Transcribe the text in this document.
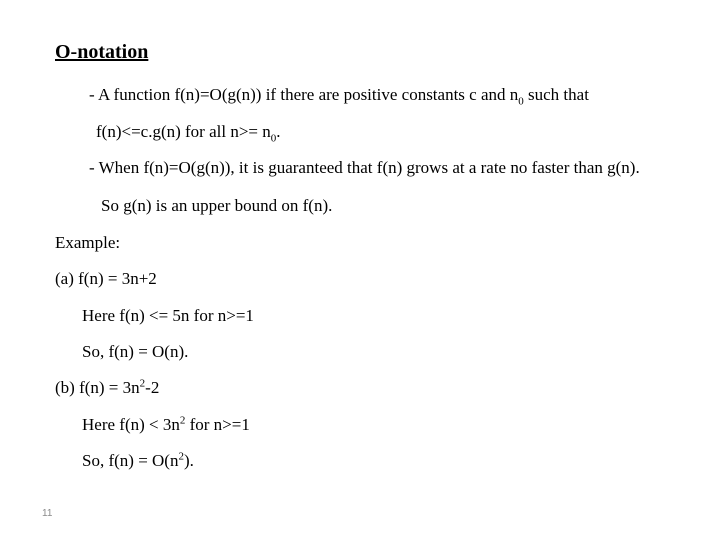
O-notation
- A function f(n)=O(g(n)) if there are positive constants c and $n_0$ such that
f(n)<=c.g(n) for all $n>= n_0$.
- When f(n)=O(g(n)), it is guaranteed that f(n) grows at a rate no faster than g(n).
So g(n) is an upper bound on f(n).
Example:
(a) f(n) = 3n+2
Here f(n) <= 5n for n>=1
So, f(n) = O(n).
(b) $f(n) = 3n^2-2$
Here $f(n) < 3n^2$ for n>=1
So, $f(n) = O(n^2)$.
11
